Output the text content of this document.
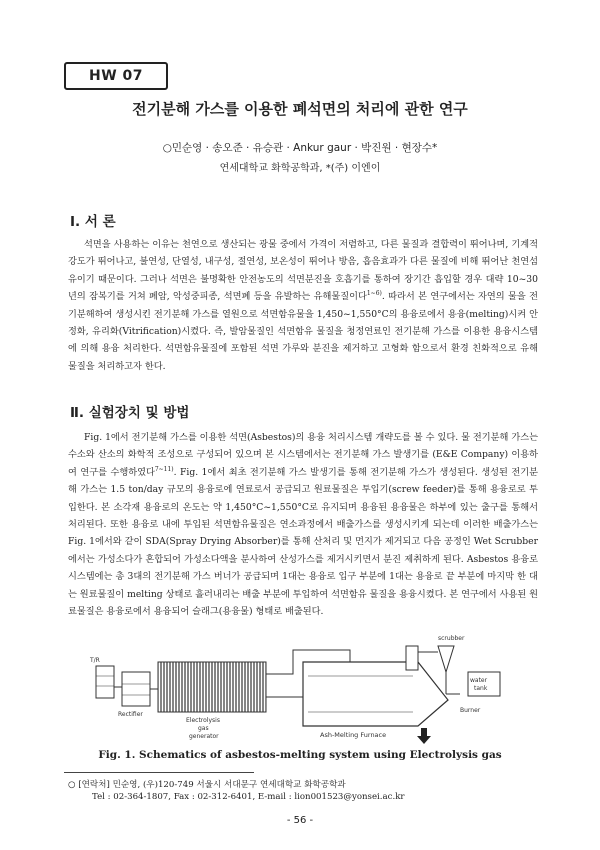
HW 07
전기분해 가스를 이용한 폐석면의 처리에 관한 연구
○민순영 · 송오준 · 유승관 · Ankur gaur · 박진원 · 현장수*
연세대학교 화학공학과, *(주) 이엔이
Ⅰ. 서 론

석면을 사용하는 이유는 천연으로 생산되는 광물 중에서 가격이 저렴하고, 다른 물질과 결합력이 뛰어나며, 기계적 강도가 뛰어나고, 불연성, 단열성, 내구성, 절연성, 보온성이 뛰어나 방음, 흡음효과가 다른 물질에 비해 뛰어난 천연섬유이기 때문이다. 그러나 석면은 불명확한 안전농도의 석면분진을 호흡기를 통하여 장기간 흡입할 경우 대략 10~30년의 잠복기를 거쳐 폐암, 악성중피종, 석면폐 등을 유발하는 유해물질이다$^{1\sim 6)}$. 따라서 본 연구에서는 자연의 물을 전기분해하여 생성시킨 전기분해 가스를 열원으로 석면함유물을 1,450~1,550°C의 용융로에서 용융(melting)시켜 안정화, 유리화(Vitrification)시켰다. 즉, 발암물질인 석면함유 물질을 청정연료인 전기분해 가스를 이용한 용융시스템에 의해 용융 처리한다. 석면함유물질에 포함된 석면 가루와 분진을 제거하고 고형화 함으로서 환경 친화적으로 유해 물질을 처리하고자 한다.

Ⅱ. 실험장치 및 방법

Fig. 1에서 전기분해 가스를 이용한 석면(Asbestos)의 용융 처리시스템 개략도를 볼 수 있다. 물 전기분해 가스는 수소와 산소의 화학적 조성으로 구성되어 있으며 본 시스템에서는 전기분해 가스 발생기를 (E&E Company) 이용하여 연구를 수행하였다$^{7\sim 11)}$. Fig. 1에서 최초 전기분해 가스 발생기를 통해 전기분해 가스가 생성된다. 생성된 전기분해 가스는 1.5 ton/day 규모의 용융로에 연료로서 공급되고 원료물질은 투입기(screw feeder)를 통해 용융로로 투입한다. 본 소각재 용융로의 온도는 약 1,450°C~1,550°C로 유지되며 용융된 용융물은 하부에 있는 출구를 통해서 처리된다. 또한 용융로 내에 투입된 석면함유물질은 연소과정에서 배출가스를 생성시키게 되는데 이러한 배출가스는 Fig. 1에서와 같이 SDA(Spray Drying Absorber)를 통해 산처리 및 먼지가 제거되고 다음 공정인 Wet Scrubber에서는 가성소다가 혼합되어 가성소다액을 분사하여 산성가스를 제거시키면서 분진 제취하게 된다. Asbestos 용융로 시스템에는 총 3대의 전기분해 가스 버너가 공급되며 1대는 용융로 입구 부분에 1대는 용융로 끝 부분에 마지막 한 대는 원료물질이 melting 상태로 흘러내리는 배출 부분에 투입하여 석면함유 물질을 용융시켰다. 본 연구에서 사용된 원료물질은 용융로에서 용융되어 슬래그(용융물) 형태로 배출된다.

T/R
Rectifier
Electrolysis
gas
generator	Ash-Melting Furnace
scrubber
water
tank
Burner
Fig. 1. Schematics of asbestos-melting system using Electrolysis gas
○ [연락처] 민순영, (우)120-749 서울시 서대문구 연세대학교 화학공학과
Tel : 02-364-1807, Fax : 02-312-6401, E-mail : lion001523@yonsei.ac.kr
- 56 -
